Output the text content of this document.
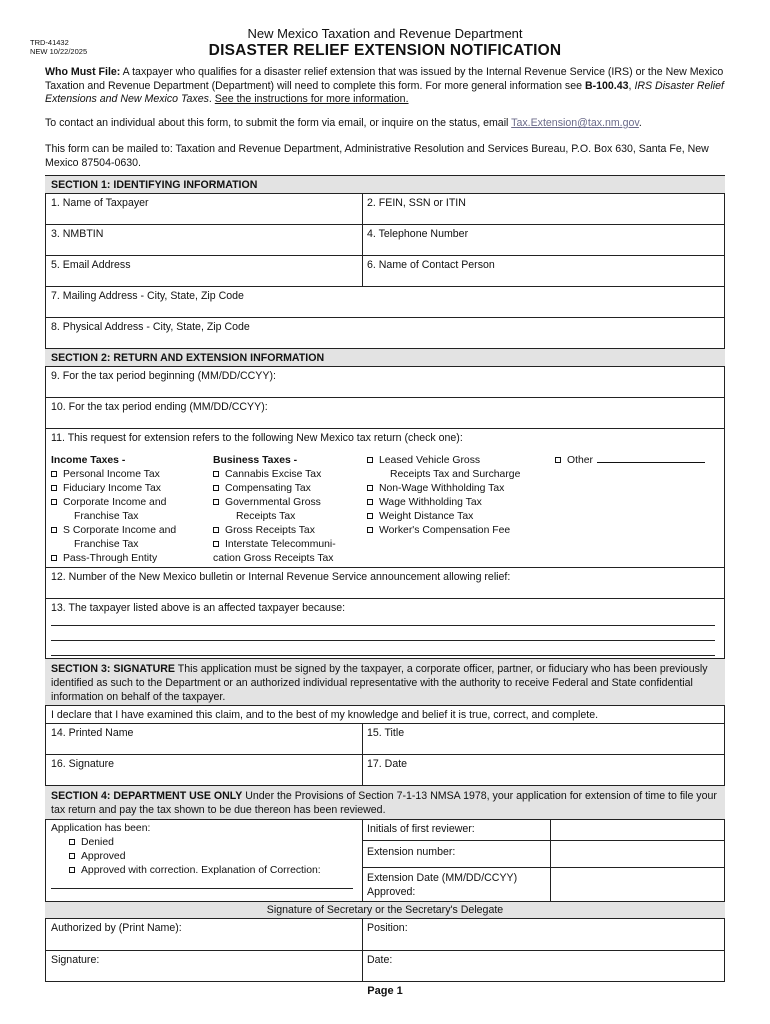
TRD-41432
NEW 10/22/2025
New Mexico Taxation and Revenue Department
DISASTER RELIEF EXTENSION NOTIFICATION
Who Must File: A taxpayer who qualifies for a disaster relief extension that was issued by the Internal Revenue Service (IRS) or the New Mexico Taxation and Revenue Department (Department) will need to complete this form. For more general information see B-100.43, IRS Disaster Relief Extensions and New Mexico Taxes. See the instructions for more information.
To contact an individual about this form, to submit the form via email, or inquire on the status, email Tax.Extension@tax.nm.gov.
This form can be mailed to: Taxation and Revenue Department, Administrative Resolution and Services Bureau, P.O. Box 630, Santa Fe, New Mexico 87504-0630.
SECTION 1: IDENTIFYING INFORMATION
1. Name of Taxpayer	2. FEIN, SSN or ITIN
3. NMBTIN	4. Telephone Number
5. Email Address	6. Name of Contact Person
7. Mailing Address - City, State, Zip Code
8. Physical Address - City, State, Zip Code
SECTION 2: RETURN AND EXTENSION INFORMATION
9. For the tax period beginning (MM/DD/CCYY):
10. For the tax period ending (MM/DD/CCYY):
11. This request for extension refers to the following New Mexico tax return (check one):
Income Taxes -
Personal Income Tax
Fiduciary Income Tax
Corporate Income and
Franchise Tax
S Corporate Income and
Franchise Tax
Pass-Through Entity
Business Taxes -
Cannabis Excise Tax
Compensating Tax
Governmental Gross
Receipts Tax
Gross Receipts Tax
Interstate Telecommuni-
cation Gross Receipts Tax
Leased Vehicle Gross
Receipts Tax and Surcharge
Non-Wage Withholding Tax
Wage Withholding Tax
Weight Distance Tax
Worker's Compensation Fee
Other
12. Number of the New Mexico bulletin or Internal Revenue Service announcement allowing relief:
13. The taxpayer listed above is an affected taxpayer because:
SECTION 3: SIGNATURE This application must be signed by the taxpayer, a corporate officer, partner, or fiduciary who has been previously identified as such to the Department or an authorized individual representative with the authority to receive Federal and State confidential information on behalf of the taxpayer.
I declare that I have examined this claim, and to the best of my knowledge and belief it is true, correct, and complete.
14. Printed Name	15. Title
16. Signature	17. Date
SECTION 4: DEPARTMENT USE ONLY Under the Provisions of Section 7-1-13 NMSA 1978, your application for extension of time to file your tax return and pay the tax shown to be due thereon has been reviewed.
Application has been:
Denied
Approved
Approved with correction. Explanation of Correction:
Initials of first reviewer:
Extension number:
Extension Date (MM/DD/CCYY)
Approved:
Signature of Secretary or the Secretary's Delegate
Authorized by (Print Name):	Position:
Signature:	Date:
Page 1
